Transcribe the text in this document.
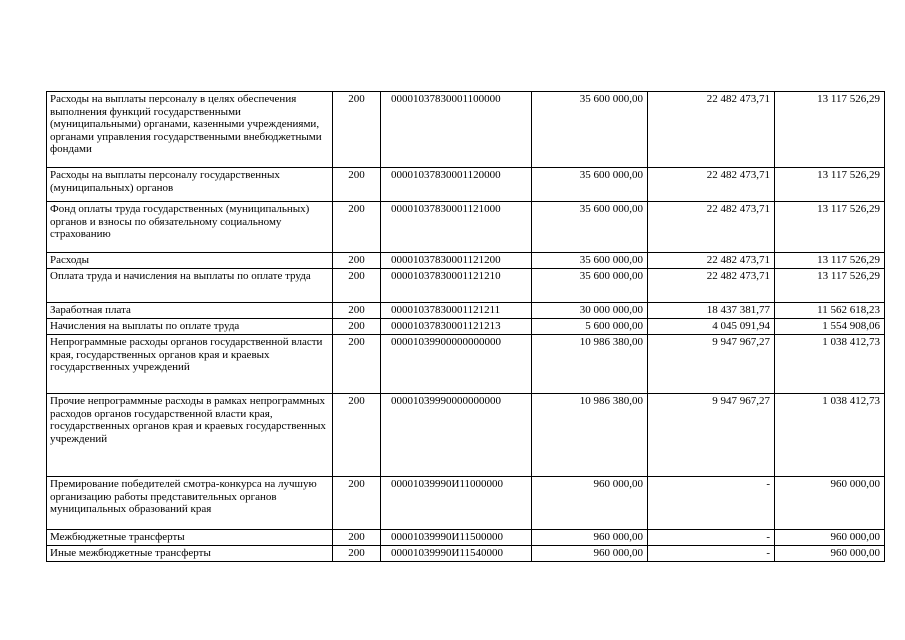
Расходы на выплаты персоналу в целях обеспечения выполнения функций государственными (муниципальными) органами, казенными учреждениями, органами управления государственными внебюджетными фондами	200	00001037830001100000	35 600 000,00	22 482 473,71	13 117 526,29
Расходы на выплаты персоналу государственных (муниципальных) органов	200	00001037830001120000	35 600 000,00	22 482 473,71	13 117 526,29
Фонд оплаты труда государственных (муниципальных) органов и взносы по обязательному социальному страхованию	200	00001037830001121000	35 600 000,00	22 482 473,71	13 117 526,29
Расходы	200	00001037830001121200	35 600 000,00	22 482 473,71	13 117 526,29
Оплата труда и начисления на выплаты по оплате труда	200	00001037830001121210	35 600 000,00	22 482 473,71	13 117 526,29
Заработная плата	200	00001037830001121211	30 000 000,00	18 437 381,77	11 562 618,23
Начисления на выплаты по оплате труда	200	00001037830001121213	5 600 000,00	4 045 091,94	1 554 908,06
Непрограммные расходы органов государственной власти края, государственных органов края и краевых государственных учреждений	200	00001039900000000000	10 986 380,00	9 947 967,27	1 038 412,73
Прочие непрограммные расходы в рамках непрограммных расходов органов государственной власти края, государственных органов края и краевых государственных учреждений	200	00001039990000000000	10 986 380,00	9 947 967,27	1 038 412,73
Премирование победителей смотра-конкурса на лучшую организацию работы представительных органов муниципальных образований края	200	00001039990И11000000	960 000,00	-	960 000,00
Межбюджетные трансферты	200	00001039990И11500000	960 000,00	-	960 000,00
Иные межбюджетные трансферты	200	00001039990И11540000	960 000,00	-	960 000,00
